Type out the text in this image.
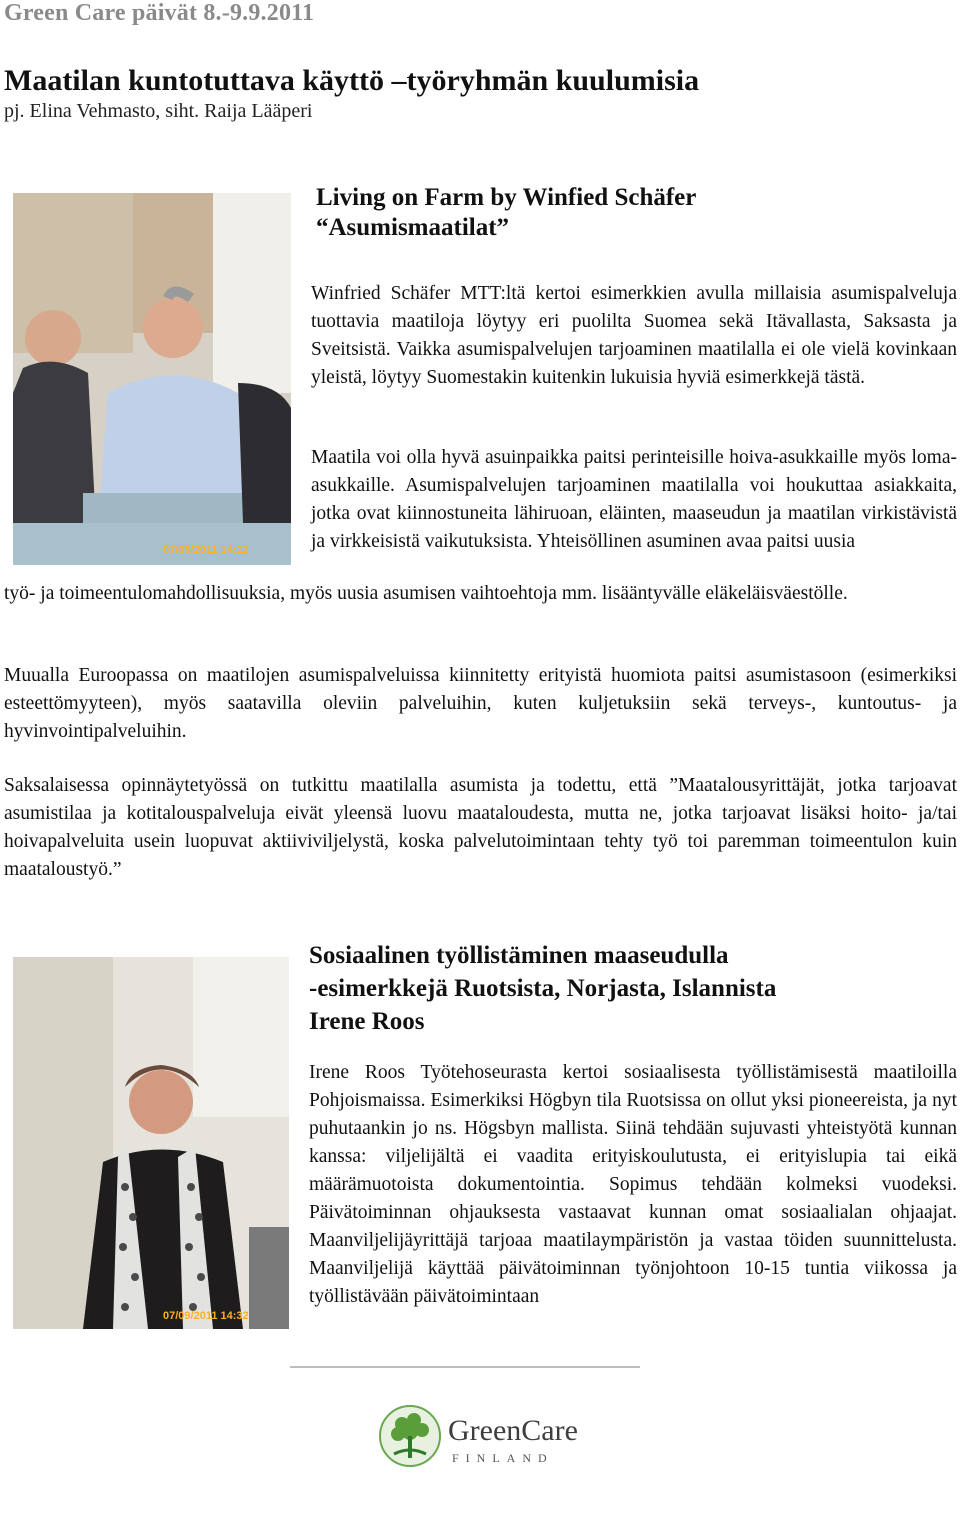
Green Care päivät 8.-9.9.2011
Maatilan kuntotuttava käyttö –työryhmän kuulumisia
pj. Elina Vehmasto, siht. Raija Lääperi
07/09/2011 14:12
Living on Farm by Winfied Schäfer
“Asumismaatilat”

Winfried Schäfer MTT:ltä kertoi esimerkkien avulla millaisia asumispalveluja tuottavia maatiloja löytyy eri puolilta Suomea sekä Itävallasta, Saksasta ja Sveitsistä. Vaikka asumispalvelujen tarjoaminen maatilalla ei ole vielä kovinkaan yleistä, löytyy Suomestakin kuitenkin lukuisia hyviä esimerkkejä tästä.

Maatila voi olla hyvä asuinpaikka paitsi perinteisille hoiva-asukkaille myös loma-asukkaille. Asumispalvelujen tarjoaminen maatilalla voi houkuttaa asiakkaita, jotka ovat kiinnostuneita lähiruoan, eläinten, maaseudun ja maatilan virkistävistä ja virkkeisistä vaikutuksista. Yhteisöllinen asuminen avaa paitsi uusia

työ- ja toimeentulomahdollisuuksia, myös uusia asumisen vaihtoehtoja mm. lisääntyvälle eläkeläisväestölle.

Muualla Euroopassa on maatilojen asumispalveluissa kiinnitetty erityistä huomiota paitsi asumistasoon (esimerkiksi esteettömyyteen), myös saatavilla oleviin palveluihin, kuten kuljetuksiin sekä terveys-, kuntoutus- ja hyvinvointipalveluihin.

Saksalaisessa opinnäytetyössä on tutkittu maatilalla asumista ja todettu, että ”Maatalousyrittäjät, jotka tarjoavat asumistilaa ja kotitalouspalveluja eivät yleensä luovu maataloudesta, mutta ne, jotka tarjoavat lisäksi hoito- ja/tai hoivapalveluita usein luopuvat aktiiviviljelystä, koska palvelutoimintaan tehty työ toi paremman toimeentulon kuin maataloustyö.”

07/09/2011 14:32
Sosiaalinen työllistäminen maaseudulla
-esimerkkejä Ruotsista, Norjasta, Islannista
Irene Roos

Irene Roos Työtehoseurasta kertoi sosiaalisesta työllistämisestä maatiloilla Pohjoismaissa. Esimerkiksi Högbyn tila Ruotsissa on ollut yksi pioneereista, ja nyt puhutaankin jo ns. Högsbyn mallista. Siinä tehdään sujuvasti yhteistyötä kunnan kanssa: viljelijältä ei vaadita erityiskoulutusta, ei erityislupia tai eikä määrämuotoista dokumentointia. Sopimus tehdään kolmeksi vuodeksi. Päivätoiminnan ohjauksesta vastaavat kunnan omat sosiaalialan ohjaajat. Maanviljelijäyrittäjä tarjoaa maatilaympäristön ja vastaa töiden suunnittelusta. Maanviljelijä käyttää päivätoiminnan työnjohtoon 10-15 tuntia viikossa ja työllistävään päivätoimintaan

GreenCare
FINLAND
